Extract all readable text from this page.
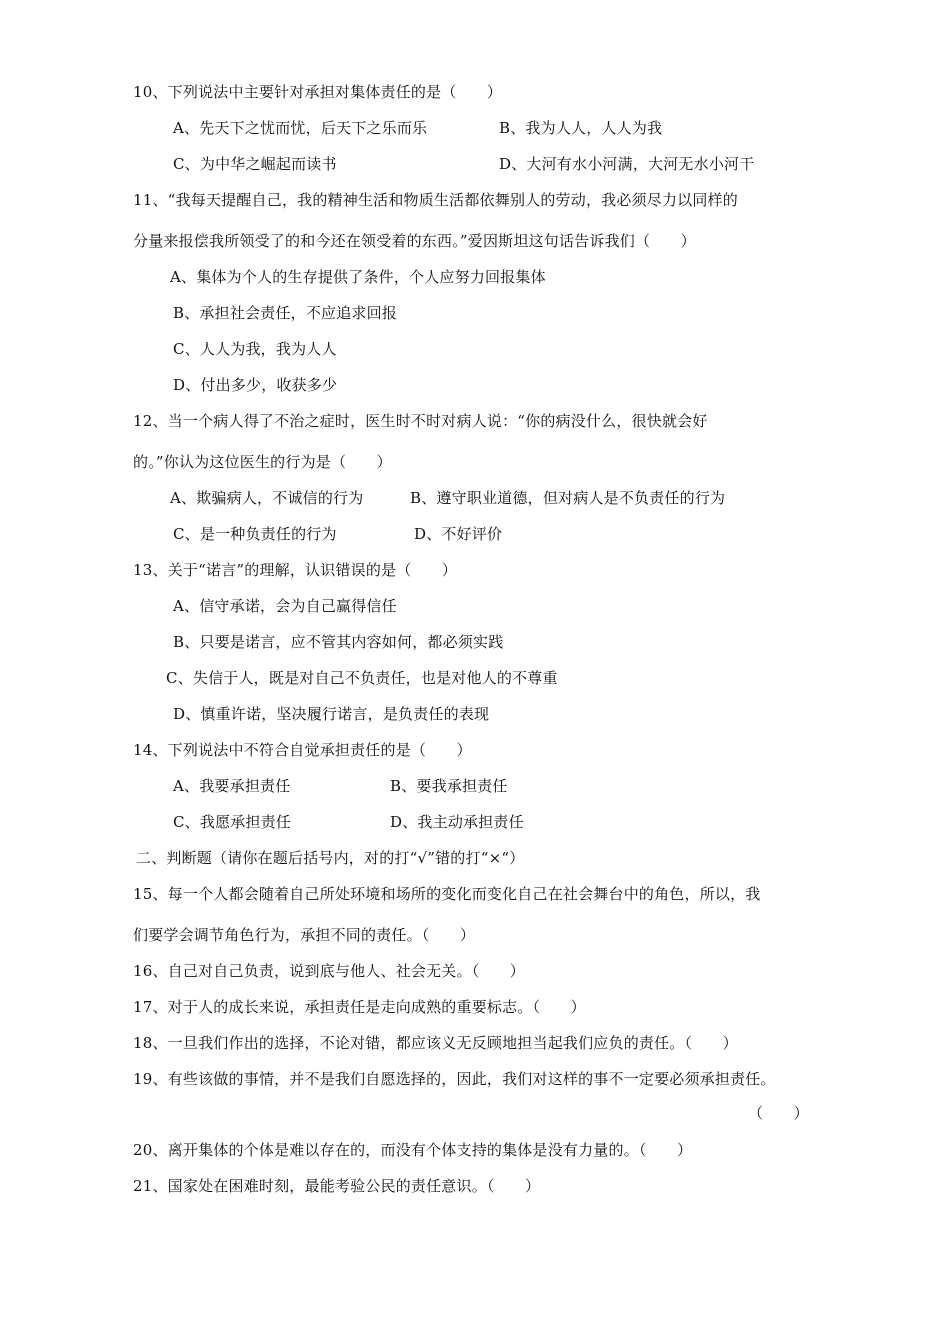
10、下列说法中主要针对承担对集体责任的是（　　）
A、先天下之忧而忧，后天下之乐而乐	B、我为人人，人人为我
C、为中华之崛起而读书	D、大河有水小河满，大河无水小河干
11、“我每天提醒自己，我的精神生活和物质生活都依舞别人的劳动，我必须尽力以同样的
分量来报偿我所领受了的和今还在领受着的东西。”爱因斯坦这句话告诉我们（　　）
A、集体为个人的生存提供了条件，个人应努力回报集体
B、承担社会责任，不应追求回报
C、人人为我，我为人人
D、付出多少，收获多少
12、当一个病人得了不治之症时，医生时不时对病人说：“你的病没什么，很快就会好
的。”你认为这位医生的行为是（　　）
A、欺骗病人，不诚信的行为	B、遵守职业道德，但对病人是不负责任的行为
C、是一种负责任的行为	D、不好评价
13、关于“诺言”的理解，认识错误的是（　　）
A、信守承诺，会为自己赢得信任
B、只要是诺言，应不管其内容如何，都必须实践
C、失信于人，既是对自己不负责任，也是对他人的不尊重
D、慎重许诺，坚决履行诺言，是负责任的表现
14、下列说法中不符合自觉承担责任的是（　　）
A、我要承担责任	B、要我承担责任
C、我愿承担责任	D、我主动承担责任
二、判断题（请你在题后括号内，对的打“√”错的打“×“）
15、每一个人都会随着自己所处环境和场所的变化而变化自己在社会舞台中的角色，所以，我
们要学会调节角色行为，承担不同的责任。（　　）
16、自己对自己负责，说到底与他人、社会无关。（　　）
17、对于人的成长来说，承担责任是走向成熟的重要标志。（　　）
18、一旦我们作出的选择，不论对错，都应该义无反顾地担当起我们应负的责任。（　　）
19、有些该做的事情，并不是我们自愿选择的，因此，我们对这样的事不一定要必须承担责任。
（　　）
20、离开集体的个体是难以存在的，而没有个体支持的集体是没有力量的。（　　）
21、国家处在困难时刻，最能考验公民的责任意识。（　　）
